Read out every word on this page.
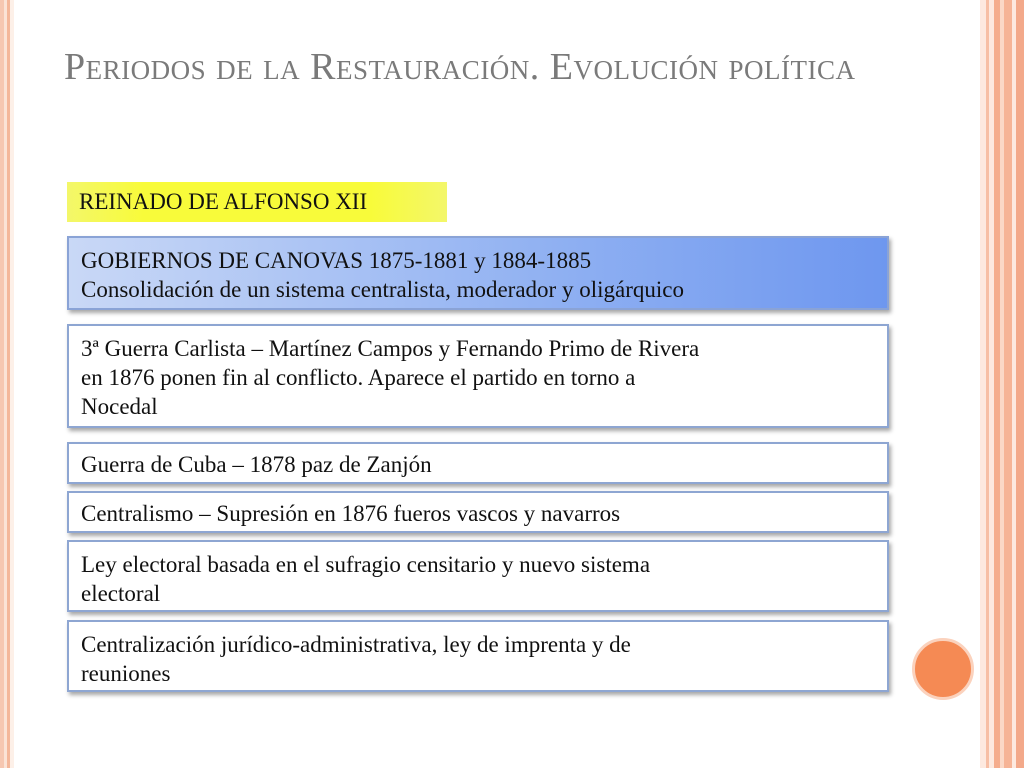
Periodos de la Restauración. Evolución política
REINADO DE ALFONSO XII
GOBIERNOS DE CANOVAS 1875-1881 y 1884-1885
Consolidación de un sistema centralista, moderador y oligárquico
3ª Guerra Carlista – Martínez Campos y Fernando Primo de Rivera
en 1876 ponen fin al conflicto. Aparece el partido en torno a
Nocedal
Guerra de Cuba – 1878 paz de Zanjón
Centralismo – Supresión en 1876 fueros vascos y navarros
Ley electoral basada en el sufragio censitario y nuevo sistema
electoral
Centralización jurídico-administrativa, ley de imprenta y de
reuniones
